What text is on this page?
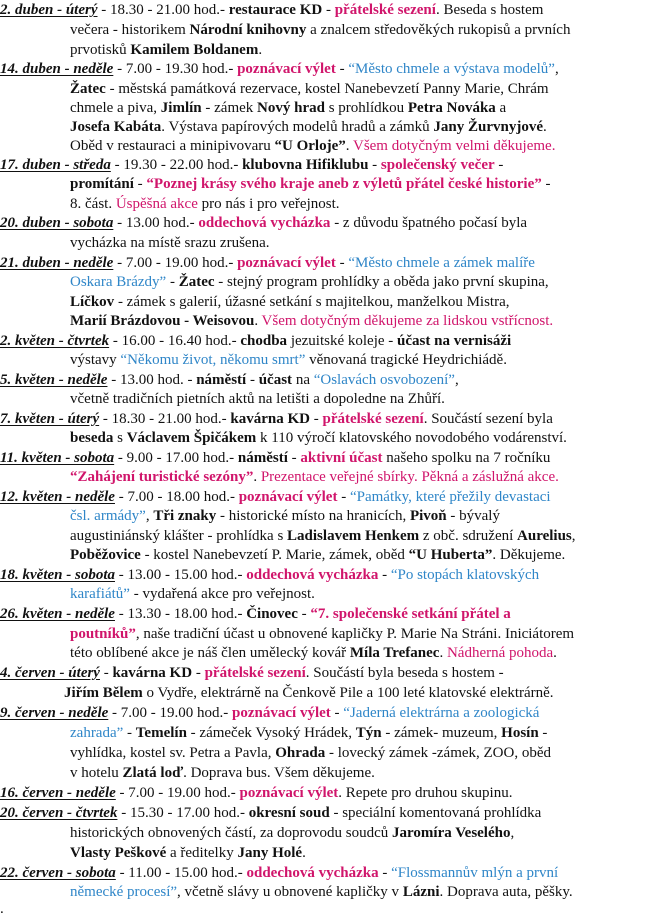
2. duben - úterý - 18.30 - 21.00 hod.- restaurace KD - přátelské sezení. Beseda s hostem
večera - historikem Národní knihovny a znalcem středověkých rukopisů a prvních
prvotisků Kamilem Boldanem.
14. duben - neděle - 7.00 - 19.30 hod.- poznávací výlet - “Město chmele a výstava modelů”,
Žatec - městská památková rezervace, kostel Nanebevzetí Panny Marie, Chrám
chmele a piva, Jimlín - zámek Nový hrad s prohlídkou Petra Nováka a
Josefa Kabáta. Výstava papírových modelů hradů a zámků Jany Žurvnyjové.
Oběd v restauraci a minipivovaru “U Orloje”. Všem dotyčným velmi děkujeme.
17. duben - středa - 19.30 - 22.00 hod.- klubovna Hifiklubu - společenský večer -
promítání - “Poznej krásy svého kraje aneb z výletů přátel české historie” -
8. část. Úspěšná akce pro nás i pro veřejnost.
20. duben - sobota - 13.00 hod.- oddechová vycházka - z důvodu špatného počasí byla
vycházka na místě srazu zrušena.
21. duben - neděle - 7.00 - 19.00 hod.- poznávací výlet - “Město chmele a zámek malíře
Oskara Brázdy” - Žatec - stejný program prohlídky a oběda jako první skupina,
Líčkov - zámek s galerií, úžasné setkání s majitelkou, manželkou Mistra,
Marií Brázdovou - Weisovou. Všem dotyčným děkujeme za lidskou vstřícnost.
2. květen - čtvrtek - 16.00 - 16.40 hod.- chodba jezuitské koleje - účast na vernisáži
výstavy “Někomu život, někomu smrt” věnovaná tragické Heydrichiádě.
5. květen - neděle - 13.00 hod. - náměstí - účast na “Oslavách osvobození”,
včetně tradičních pietních aktů na letišti a dopoledne na Zhůří.
7. květen - úterý - 18.30 - 21.00 hod.- kavárna KD - přátelské sezení. Součástí sezení byla
beseda s Václavem Špičákem k 110 výročí klatovského novodobého vodárenství.
11. květen - sobota - 9.00 - 17.00 hod.- náměstí - aktivní účast našeho spolku na 7 ročníku
“Zahájení turistické sezóny”. Prezentace veřejné sbírky. Pěkná a záslužná akce.
12. květen - neděle - 7.00 - 18.00 hod.- poznávací výlet - “Památky, které přežily devastaci
čsl. armády”, Tři znaky - historické místo na hranicích, Pivoň - bývalý
augustiniánský klášter - prohlídka s Ladislavem Henkem z obč. sdružení Aurelius,
Poběžovice - kostel Nanebevzetí P. Marie, zámek, oběd “U Huberta”. Děkujeme.
18. květen - sobota - 13.00 - 15.00 hod.- oddechová vycházka - “Po stopách klatovských
karafiátů” - vydařená akce pro veřejnost.
26. květen - neděle - 13.30 - 18.00 hod.- Činovec - “7. společenské setkání přátel a
poutníků”, naše tradiční účast u obnovené kapličky P. Marie Na Stráni. Iniciátorem
této oblíbené akce je náš člen umělecký kovář Míla Trefanec. Nádherná pohoda.
4. červen - úterý - kavárna KD - přátelské sezení. Součástí byla beseda s hostem -
Jiřím Bělem o Vydře, elektrárně na Čenkově Pile a 100 leté klatovské elektrárně.
9. červen - neděle - 7.00 - 19.00 hod.- poznávací výlet - “Jaderná elektrárna a zoologická
zahrada” - Temelín - zámeček Vysoký Hrádek, Týn - zámek- muzeum, Hosín -
vyhlídka, kostel sv. Petra a Pavla, Ohrada - lovecký zámek -zámek, ZOO, oběd
v hotelu Zlatá loď. Doprava bus. Všem děkujeme.
16. červen - neděle - 7.00 - 19.00 hod.- poznávací výlet. Repete pro druhou skupinu.
20. červen - čtvrtek - 15.30 - 17.00 hod.- okresní soud - speciální komentovaná prohlídka
historických obnovených částí, za doprovodu soudců Jaromíra Veselého,
Vlasty Peškové a ředitelky Jany Holé.
22. červen - sobota - 11.00 - 15.00 hod.- oddechová vycházka - “Flossmannův mlýn a první
německé procesí”, včetně slávy u obnovené kapličky v Lázni. Doprava auta, pěšky.
.
